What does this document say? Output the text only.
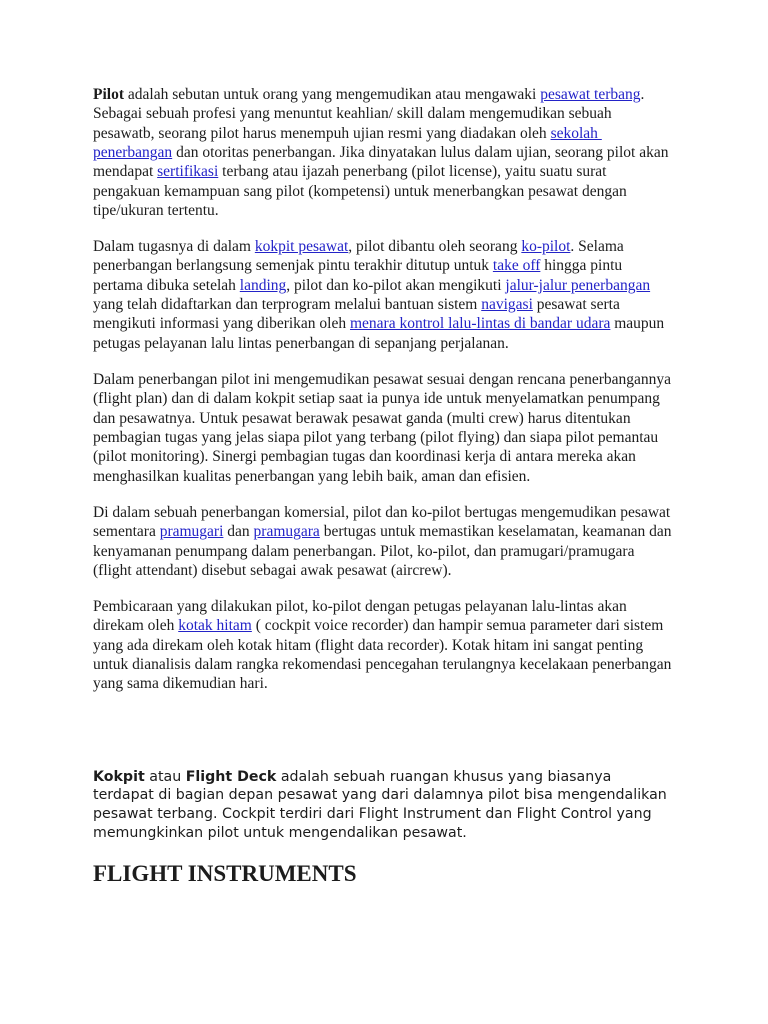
Pilot adalah sebutan untuk orang yang mengemudikan atau mengawaki pesawat terbang.
Sebagai sebuah profesi yang menuntut keahlian/ skill dalam mengemudikan sebuah
pesawatb, seorang pilot harus menempuh ujian resmi yang diadakan oleh sekolah
penerbangan dan otoritas penerbangan. Jika dinyatakan lulus dalam ujian, seorang pilot akan
mendapat sertifikasi terbang atau ijazah penerbang (pilot license), yaitu suatu surat
pengakuan kemampuan sang pilot (kompetensi) untuk menerbangkan pesawat dengan
tipe/ukuran tertentu.
Dalam tugasnya di dalam kokpit pesawat, pilot dibantu oleh seorang ko-pilot. Selama
penerbangan berlangsung semenjak pintu terakhir ditutup untuk take off hingga pintu
pertama dibuka setelah landing, pilot dan ko-pilot akan mengikuti jalur-jalur penerbangan
yang telah didaftarkan dan terprogram melalui bantuan sistem navigasi pesawat serta
mengikuti informasi yang diberikan oleh menara kontrol lalu-lintas di bandar udara maupun
petugas pelayanan lalu lintas penerbangan di sepanjang perjalanan.
Dalam penerbangan pilot ini mengemudikan pesawat sesuai dengan rencana penerbangannya
(flight plan) dan di dalam kokpit setiap saat ia punya ide untuk menyelamatkan penumpang
dan pesawatnya. Untuk pesawat berawak pesawat ganda (multi crew) harus ditentukan
pembagian tugas yang jelas siapa pilot yang terbang (pilot flying) dan siapa pilot pemantau
(pilot monitoring). Sinergi pembagian tugas dan koordinasi kerja di antara mereka akan
menghasilkan kualitas penerbangan yang lebih baik, aman dan efisien.
Di dalam sebuah penerbangan komersial, pilot dan ko-pilot bertugas mengemudikan pesawat
sementara pramugari dan pramugara bertugas untuk memastikan keselamatan, keamanan dan
kenyamanan penumpang dalam penerbangan. Pilot, ko-pilot, dan pramugari/pramugara
(flight attendant) disebut sebagai awak pesawat (aircrew).
Pembicaraan yang dilakukan pilot, ko-pilot dengan petugas pelayanan lalu-lintas akan
direkam oleh kotak hitam ( cockpit voice recorder) dan hampir semua parameter dari sistem
yang ada direkam oleh kotak hitam (flight data recorder). Kotak hitam ini sangat penting
untuk dianalisis dalam rangka rekomendasi pencegahan terulangnya kecelakaan penerbangan
yang sama dikemudian hari.
Kokpit atau Flight Deck adalah sebuah ruangan khusus yang biasanya
terdapat di bagian depan pesawat yang dari dalamnya pilot bisa mengendalikan
pesawat terbang. Cockpit terdiri dari Flight Instrument dan Flight Control yang
memungkinkan pilot untuk mengendalikan pesawat.
FLIGHT INSTRUMENTS
